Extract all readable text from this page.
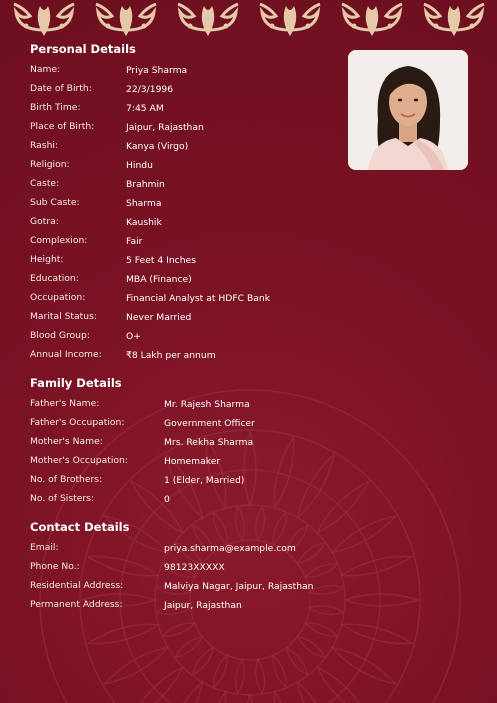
Personal Details
Name:	Priya Sharma
Date of Birth:	22/3/1996
Birth Time:	7:45 AM
Place of Birth:	Jaipur, Rajasthan
Rashi:	Kanya (Virgo)
Religion:	Hindu
Caste:	Brahmin
Sub Caste:	Sharma
Gotra:	Kaushik
Complexion:	Fair
Height:	5 Feet 4 Inches
Education:	MBA (Finance)
Occupation:	Financial Analyst at HDFC Bank
Marital Status:	Never Married
Blood Group:	O+
Annual Income:	₹8 Lakh per annum
Family Details
Father's Name:	Mr. Rajesh Sharma
Father's Occupation:	Government Officer
Mother's Name:	Mrs. Rekha Sharma
Mother's Occupation:	Homemaker
No. of Brothers:	1 (Elder, Married)
No. of Sisters:	0
Contact Details
Email:	priya.sharma@example.com
Phone No.:	98123XXXXX
Residential Address:	Malviya Nagar, Jaipur, Rajasthan
Permanent Address:	Jaipur, Rajasthan
